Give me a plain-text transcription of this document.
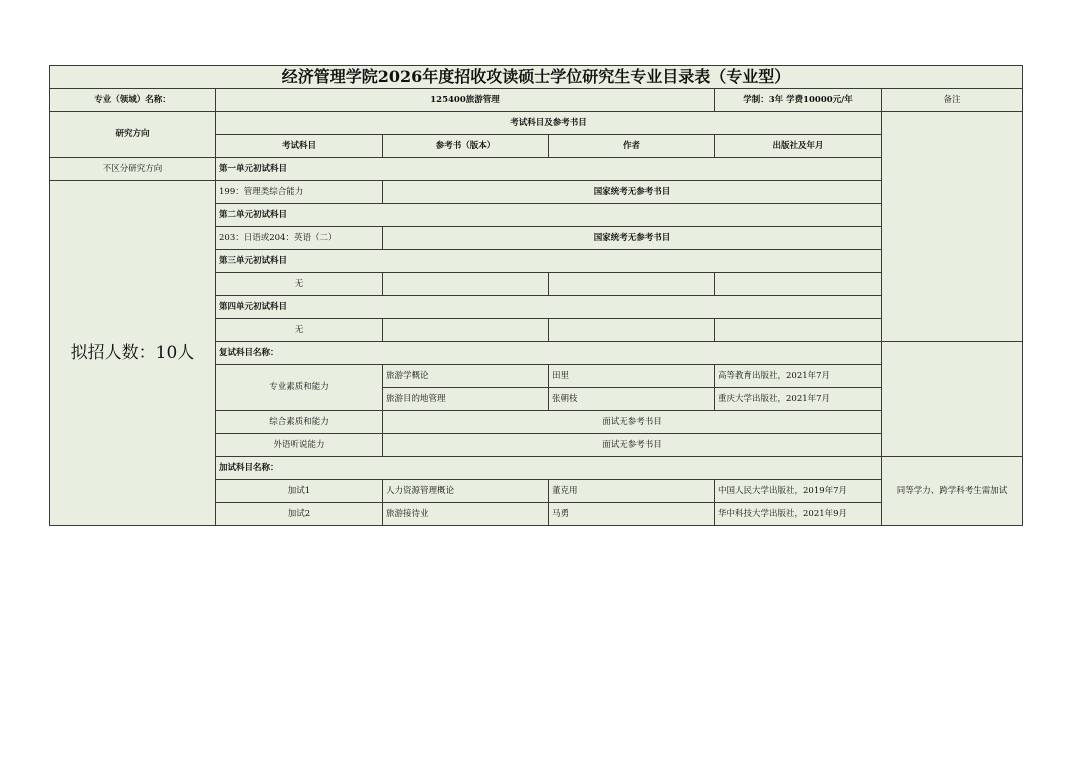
经济管理学院2026年度招收攻读硕士学位研究生专业目录表（专业型）					
专业（领域）名称：	125400旅游管理			学制：3年 学费10000元/年	备注
研究方向	考试科目及参考书目				
	考试科目	参考书（版本）	作者	出版社及年月	
不区分研究方向	第一单元初试科目				
拟招人数：10人	199：管理类综合能力	国家统考无参考书目			
	第二单元初试科目				
	203：日语或204：英语（二）	国家统考无参考书目			
	第三单元初试科目				
	无				
	第四单元初试科目				
	无				
	复试科目名称：				
	专业素质和能力	旅游学概论	田里	高等教育出版社，2021年7月	
		旅游目的地管理	张朝枝	重庆大学出版社，2021年7月	
	综合素质和能力	面试无参考书目			
	外语听说能力	面试无参考书目			
	加试科目名称：				同等学力、跨学科考生需加试
	加试1	人力资源管理概论	董克用	中国人民大学出版社，2019年7月	
	加试2	旅游接待业	马勇	华中科技大学出版社，2021年9月	
